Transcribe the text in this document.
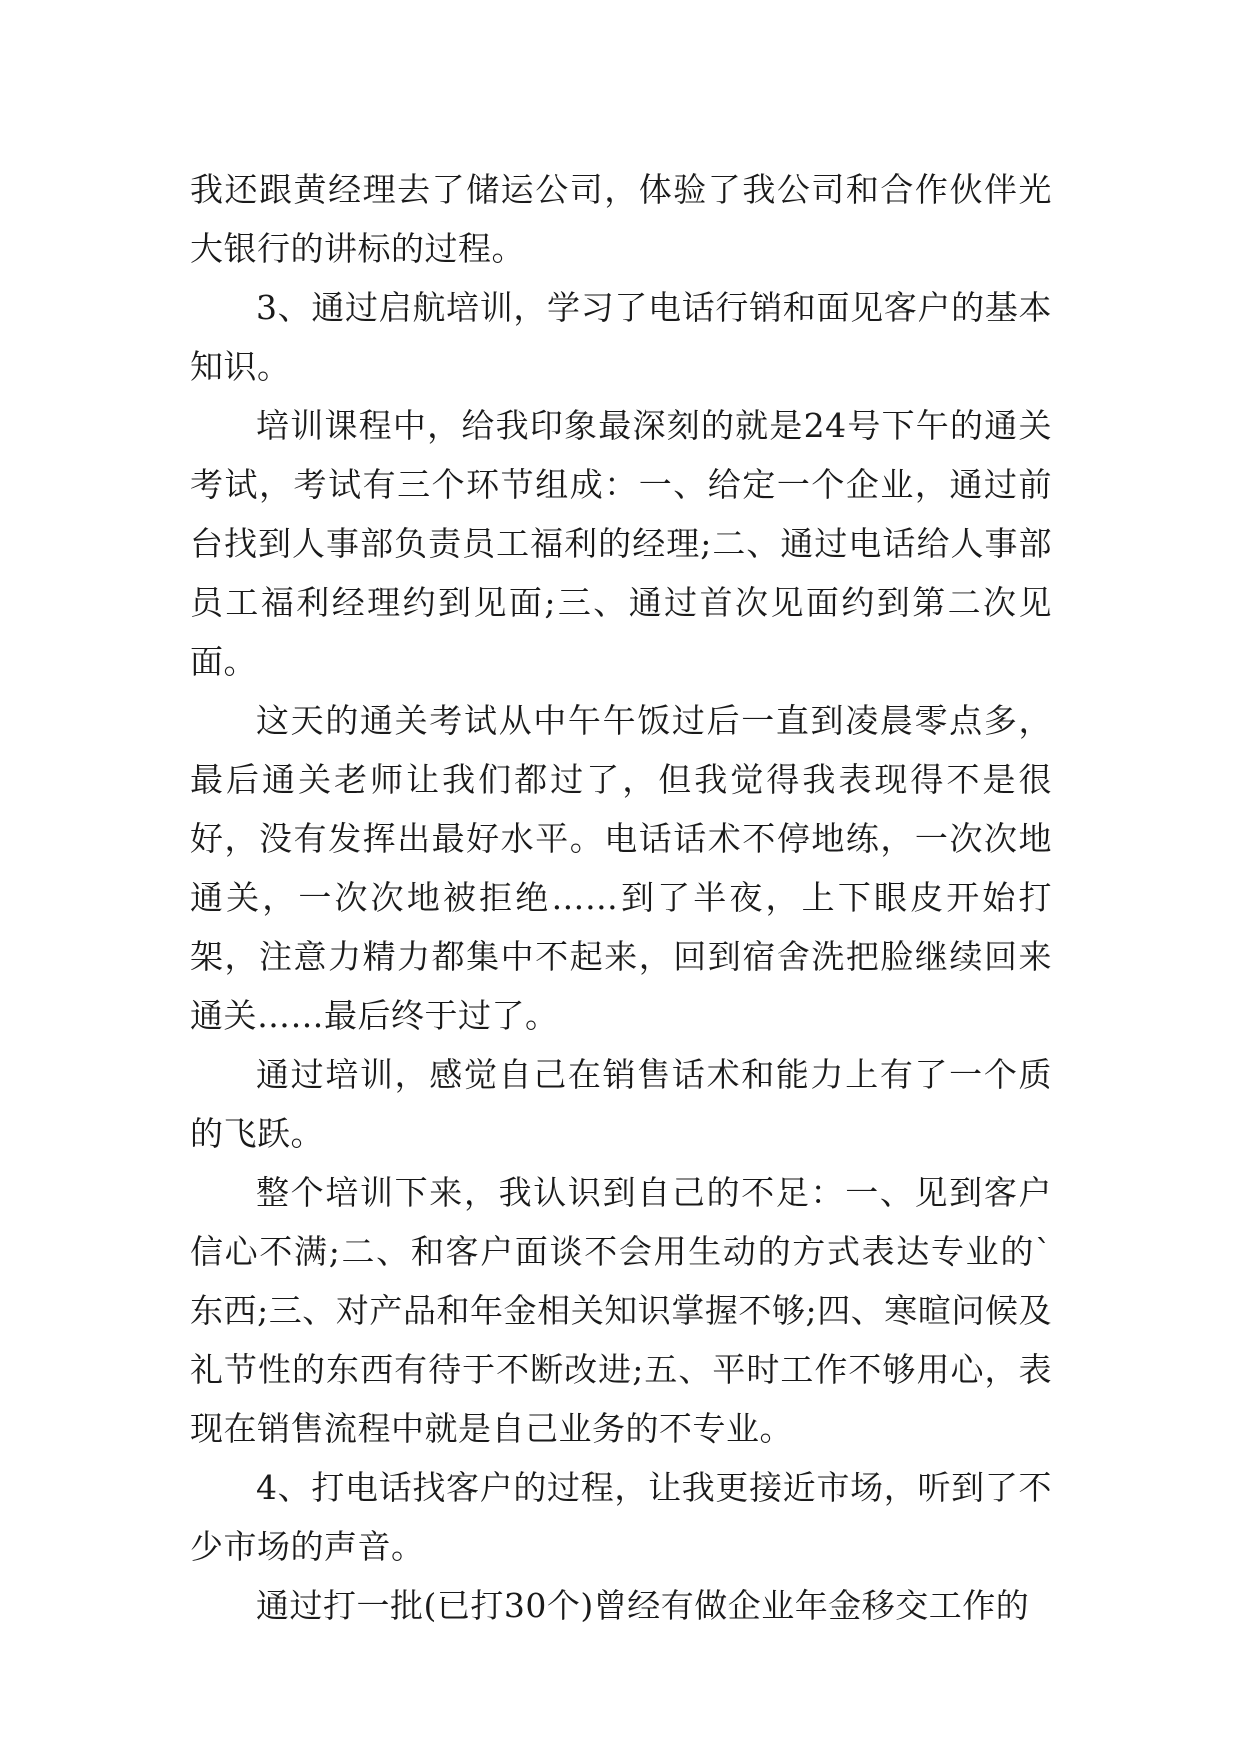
我还跟黄经理去了储运公司，体验了我公司和合作伙伴光大银行的讲标的过程。

3、通过启航培训，学习了电话行销和面见客户的基本知识。

培训课程中，给我印象最深刻的就是24号下午的通关考试，考试有三个环节组成：一、给定一个企业，通过前台找到人事部负责员工福利的经理;二、通过电话给人事部员工福利经理约到见面;三、通过首次见面约到第二次见面。

这天的通关考试从中午午饭过后一直到凌晨零点多，最后通关老师让我们都过了，但我觉得我表现得不是很好，没有发挥出最好水平。电话话术不停地练，一次次地通关，一次次地被拒绝……到了半夜，上下眼皮开始打架，注意力精力都集中不起来，回到宿舍洗把脸继续回来通关……最后终于过了。

通过培训，感觉自己在销售话术和能力上有了一个质的飞跃。

整个培训下来，我认识到自己的不足：一、见到客户信心不满;二、和客户面谈不会用生动的方式表达专业的`东西;三、对产品和年金相关知识掌握不够;四、寒暄问候及礼节性的东西有待于不断改进;五、平时工作不够用心，表现在销售流程中就是自己业务的不专业。

4、打电话找客户的过程，让我更接近市场，听到了不少市场的声音。

通过打一批(已打30个)曾经有做企业年金移交工作的
